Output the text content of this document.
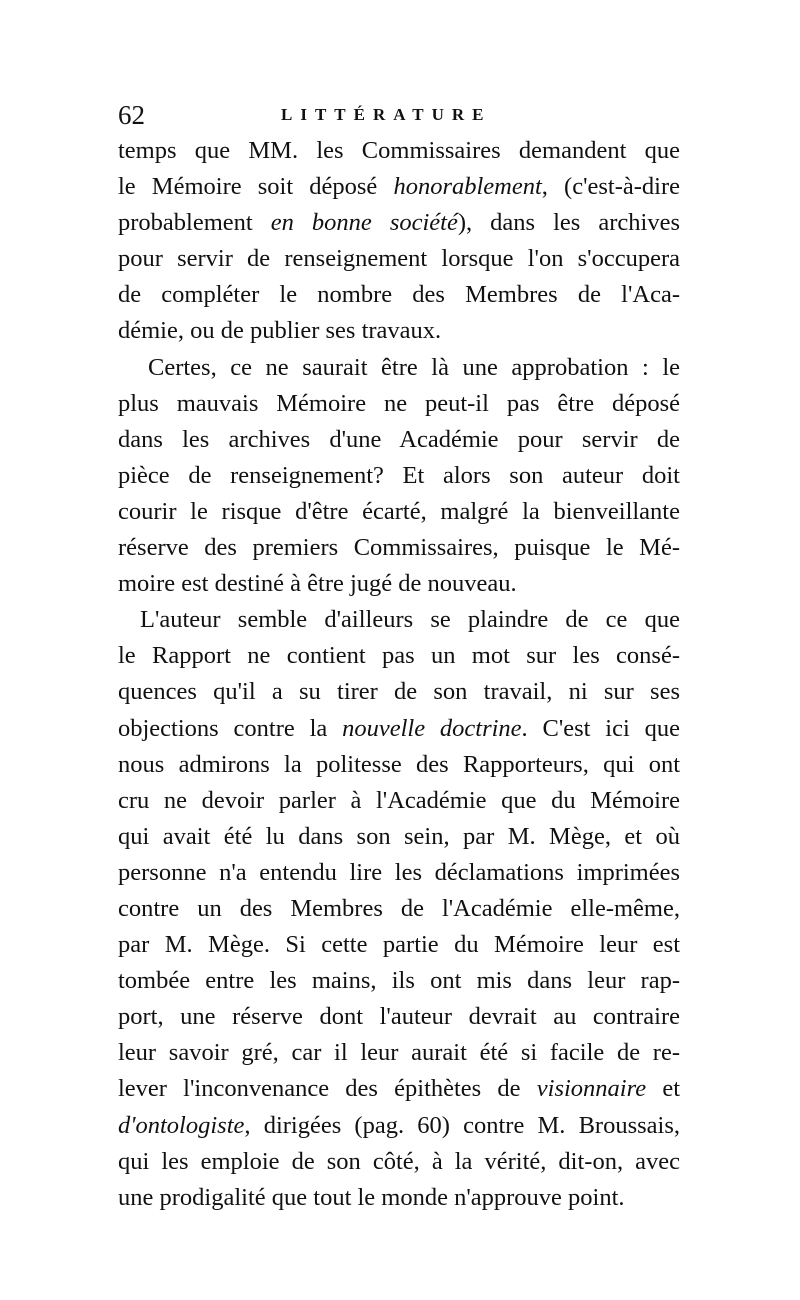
62	LITTÉRATURE
temps que MM. les Commissaires demandent que
le Mémoire soit déposé honorablement, (c'est-à-dire
probablement en bonne société), dans les archives
pour servir de renseignement lorsque l'on s'occupera
de compléter le nombre des Membres de l'Aca-
démie, ou de publier ses travaux.
Certes, ce ne saurait être là une approbation : le
plus mauvais Mémoire ne peut-il pas être déposé
dans les archives d'une Académie pour servir de
pièce de renseignement? Et alors son auteur doit
courir le risque d'être écarté, malgré la bienveillante
réserve des premiers Commissaires, puisque le Mé-
moire est destiné à être jugé de nouveau.
L'auteur semble d'ailleurs se plaindre de ce que
le Rapport ne contient pas un mot sur les consé-
quences qu'il a su tirer de son travail, ni sur ses
objections contre la nouvelle doctrine. C'est ici que
nous admirons la politesse des Rapporteurs, qui ont
cru ne devoir parler à l'Académie que du Mémoire
qui avait été lu dans son sein, par M. Mège, et où
personne n'a entendu lire les déclamations imprimées
contre un des Membres de l'Académie elle-même,
par M. Mège. Si cette partie du Mémoire leur est
tombée entre les mains, ils ont mis dans leur rap-
port, une réserve dont l'auteur devrait au contraire
leur savoir gré, car il leur aurait été si facile de re-
lever l'inconvenance des épithètes de visionnaire et
d'ontologiste, dirigées (pag. 60) contre M. Broussais,
qui les emploie de son côté, à la vérité, dit-on, avec
une prodigalité que tout le monde n'approuve point.
